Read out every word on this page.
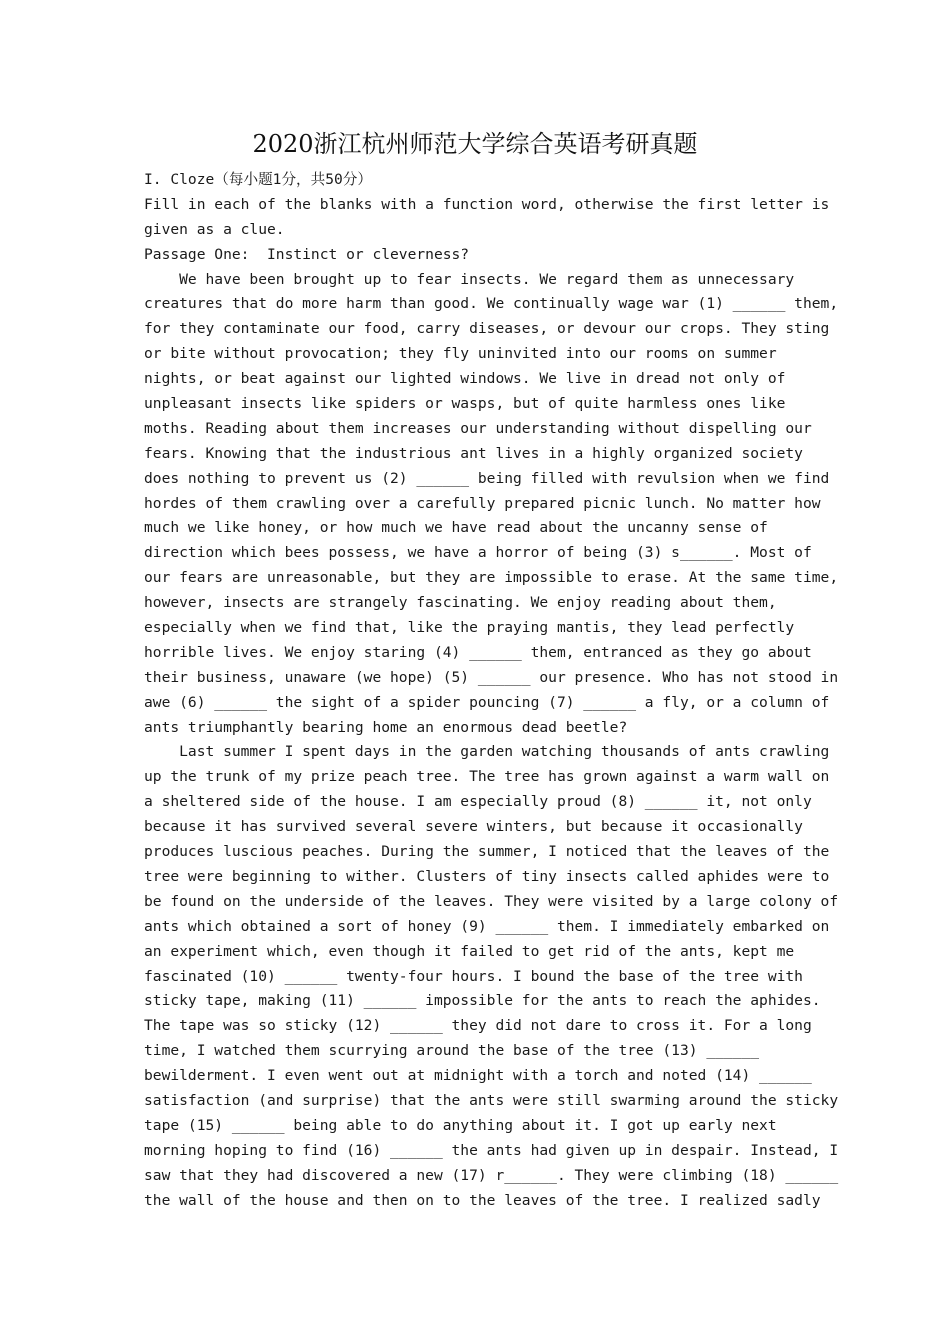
2020浙江杭州师范大学综合英语考研真题
I. Cloze（每小题1分，共50分）
Fill in each of the blanks with a function word, otherwise the first letter is
given as a clue.
Passage One:  Instinct or cleverness?
We have been brought up to fear insects. We regard them as unnecessary
creatures that do more harm than good. We continually wage war (1) ______ them,
for they contaminate our food, carry diseases, or devour our crops. They sting
or bite without provocation; they fly uninvited into our rooms on summer
nights, or beat against our lighted windows. We live in dread not only of
unpleasant insects like spiders or wasps, but of quite harmless ones like
moths. Reading about them increases our understanding without dispelling our
fears. Knowing that the industrious ant lives in a highly organized society
does nothing to prevent us (2) ______ being filled with revulsion when we find
hordes of them crawling over a carefully prepared picnic lunch. No matter how
much we like honey, or how much we have read about the uncanny sense of
direction which bees possess, we have a horror of being (3) s______. Most of
our fears are unreasonable, but they are impossible to erase. At the same time,
however, insects are strangely fascinating. We enjoy reading about them,
especially when we find that, like the praying mantis, they lead perfectly
horrible lives. We enjoy staring (4) ______ them, entranced as they go about
their business, unaware (we hope) (5) ______ our presence. Who has not stood in
awe (6) ______ the sight of a spider pouncing (7) ______ a fly, or a column of
ants triumphantly bearing home an enormous dead beetle?
Last summer I spent days in the garden watching thousands of ants crawling
up the trunk of my prize peach tree. The tree has grown against a warm wall on
a sheltered side of the house. I am especially proud (8) ______ it, not only
because it has survived several severe winters, but because it occasionally
produces luscious peaches. During the summer, I noticed that the leaves of the
tree were beginning to wither. Clusters of tiny insects called aphides were to
be found on the underside of the leaves. They were visited by a large colony of
ants which obtained a sort of honey (9) ______ them. I immediately embarked on
an experiment which, even though it failed to get rid of the ants, kept me
fascinated (10) ______ twenty-four hours. I bound the base of the tree with
sticky tape, making (11) ______ impossible for the ants to reach the aphides.
The tape was so sticky (12) ______ they did not dare to cross it. For a long
time, I watched them scurrying around the base of the tree (13) ______
bewilderment. I even went out at midnight with a torch and noted (14) ______
satisfaction (and surprise) that the ants were still swarming around the sticky
tape (15) ______ being able to do anything about it. I got up early next
morning hoping to find (16) ______ the ants had given up in despair. Instead, I
saw that they had discovered a new (17) r______. They were climbing (18) ______
the wall of the house and then on to the leaves of the tree. I realized sadly
